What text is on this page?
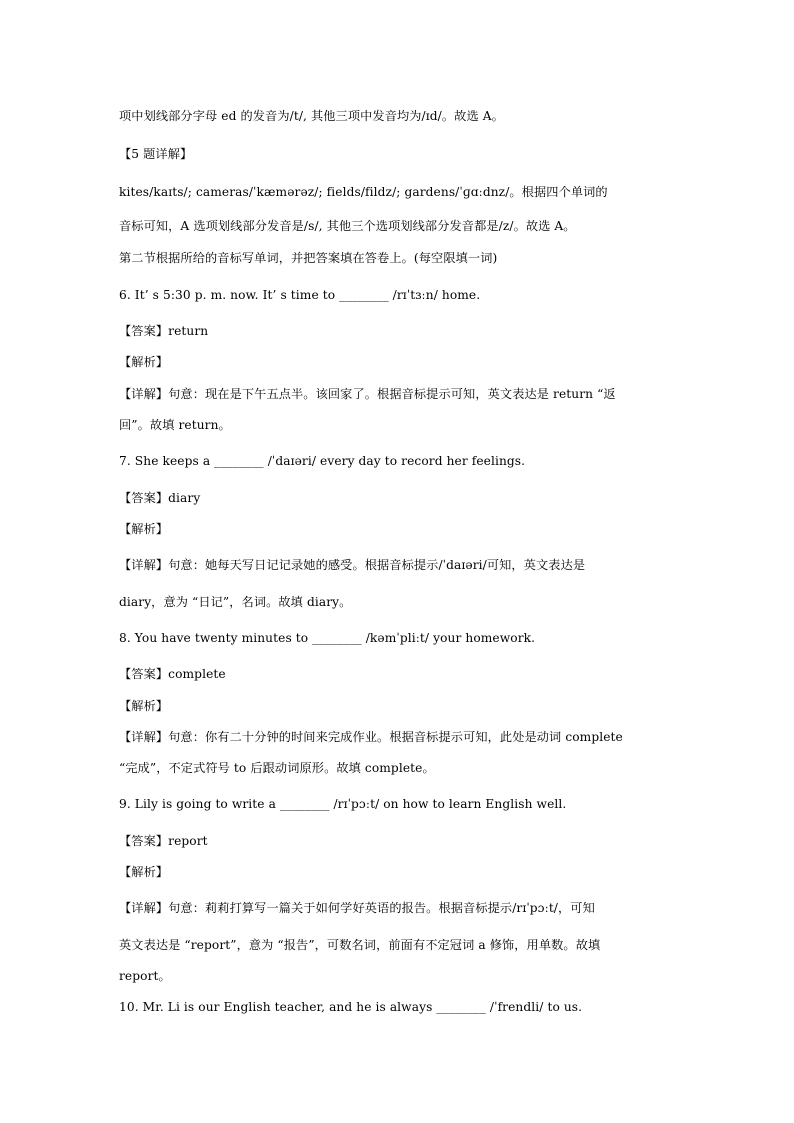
项中划线部分字母 ed 的发音为/t/, 其他三项中发音均为/ɪd/。故选 A。
【5 题详解】
kites/kaɪts/; cameras/ˈkæmərəz/; fields/fildz/; gardens/ˈɡɑːdnz/。根据四个单词的
音标可知，A 选项划线部分发音是/s/, 其他三个选项划线部分发音都是/z/。故选 A。
第二节根据所给的音标写单词，并把答案填在答卷上。(每空限填一词)
6. It’ s 5:30 p. m. now. It’ s time to ________ /rɪˈtɜːn/ home.
【答案】return
【解析】
【详解】句意：现在是下午五点半。该回家了。根据音标提示可知，英文表达是 return “返
回”。故填 return。
7. She keeps a ________ /ˈdaɪəri/ every day to record her feelings.
【答案】diary
【解析】
【详解】句意：她每天写日记记录她的感受。根据音标提示/ˈdaɪəri/可知，英文表达是
diary，意为 “日记”，名词。故填 diary。
8. You have twenty minutes to ________ /kəmˈpliːt/ your homework.
【答案】complete
【解析】
【详解】句意：你有二十分钟的时间来完成作业。根据音标提示可知，此处是动词 complete
“完成”，不定式符号 to 后跟动词原形。故填 complete。
9. Lily is going to write a ________ /rɪˈpɔːt/ on how to learn English well.
【答案】report
【解析】
【详解】句意：莉莉打算写一篇关于如何学好英语的报告。根据音标提示/rɪˈpɔːt/，可知
英文表达是 “report”，意为 “报告”，可数名词，前面有不定冠词 a 修饰，用单数。故填
report。
10. Mr. Li is our English teacher, and he is always ________ /ˈfrendli/ to us.
